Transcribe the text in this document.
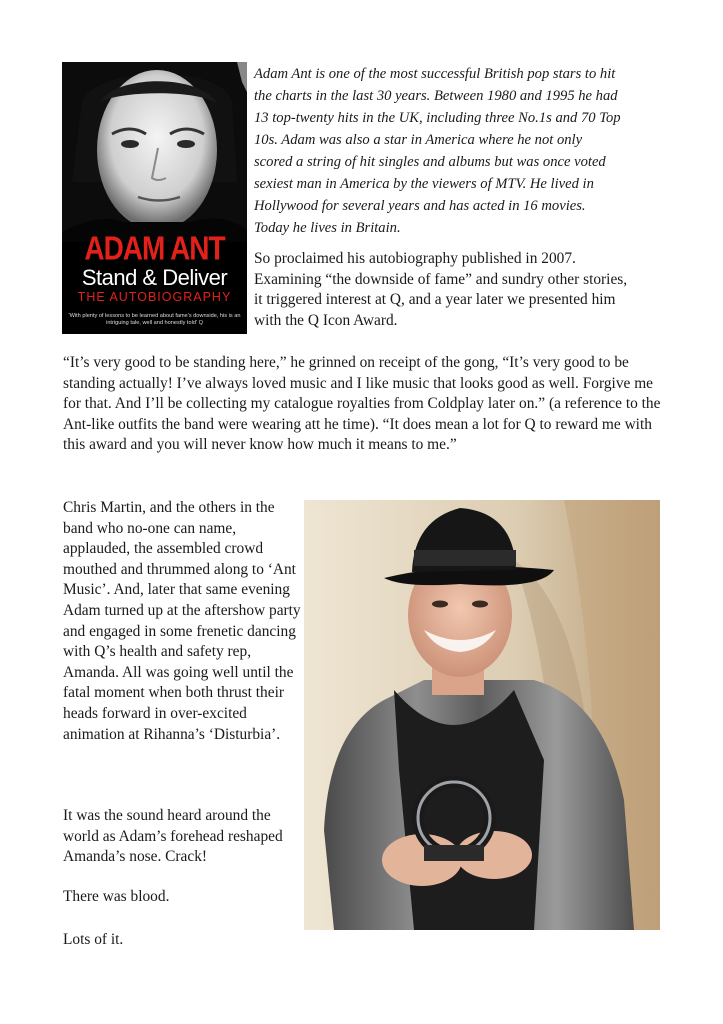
ADAM ANT
Stand & Deliver
THE AUTOBIOGRAPHY
'With plenty of lessons to be learned about fame's downside, his is an intriguing tale, well and honestly told' Q

Adam Ant is one of the most successful British pop stars to hit the charts in the last 30 years. Between 1980 and 1995 he had 13 top-twenty hits in the UK, including three No.1s and 70 Top 10s. Adam was also a star in America where he not only scored a string of hit singles and albums but was once voted sexiest man in America by the viewers of MTV. He lived in Hollywood for several years and has acted in 16 movies. Today he lives in Britain.

So proclaimed his autobiography published in 2007. Examining “the downside of fame” and sundry other stories, it triggered interest at Q, and a year later we presented him with the Q Icon Award.

“It’s very good to be standing here,” he grinned on receipt of the gong, “It’s very good to be standing actually! I’ve always loved music and I like music that looks good as well. Forgive me for that. And I’ll be collecting my catalogue royalties from Coldplay later on.” (a reference to the Ant-like outfits the band were wearing att he time). “It does mean a lot for Q to reward me with this award and you will never know how much it means to me.”

Chris Martin, and the others in the band who no-one can name, applauded, the assembled crowd mouthed and thrummed along to ‘Ant Music’. And, later that same evening Adam turned up at the aftershow party and engaged in some frenetic dancing with Q’s health and safety rep, Amanda. All was going well until the fatal moment when both thrust their heads forward in over-excited animation at Rihanna’s ‘Disturbia’.

It was the sound heard around the world as Adam’s forehead reshaped Amanda’s nose. Crack!

There was blood.

Lots of it.
